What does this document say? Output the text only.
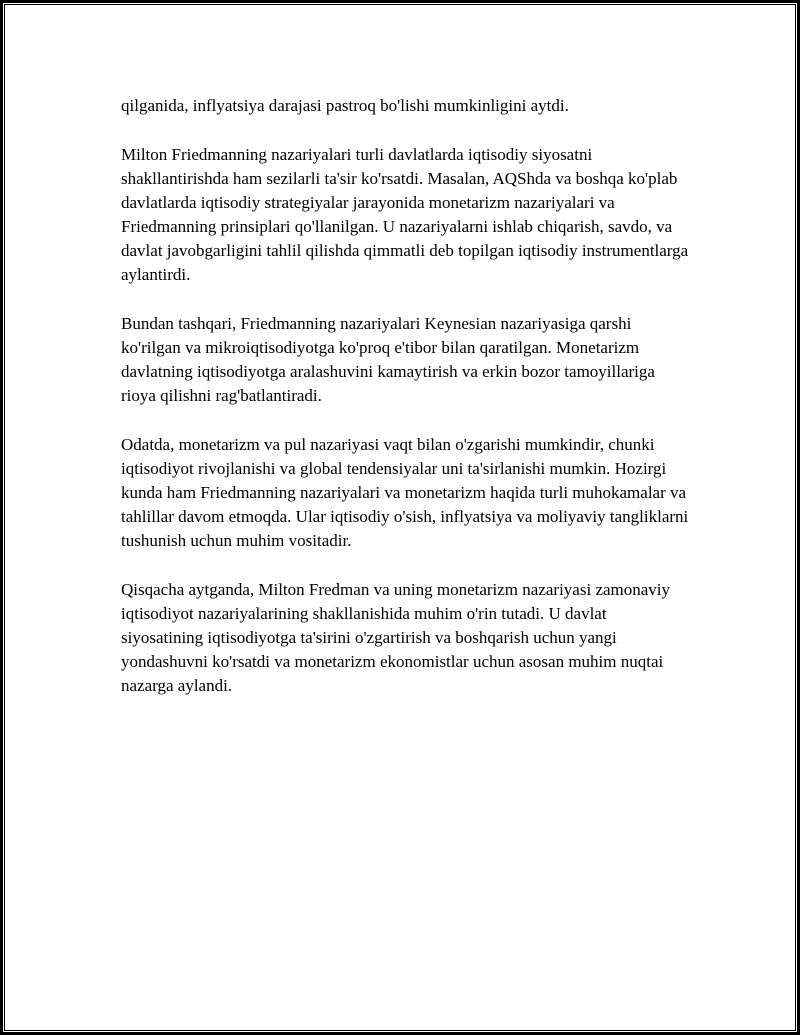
qilganida, inflyatsiya darajasi pastroq bo'lishi mumkinligini aytdi.

Milton Friedmanning nazariyalari turli davlatlarda iqtisodiy siyosatni shakllantirishda ham sezilarli ta'sir ko'rsatdi. Masalan, AQShda va boshqa ko'plab davlatlarda iqtisodiy strategiyalar jarayonida monetarizm nazariyalari va Friedmanning prinsiplari qo'llanilgan. U nazariyalarni ishlab chiqarish, savdo, va davlat javobgarligini tahlil qilishda qimmatli deb topilgan iqtisodiy instrumentlarga aylantirdi.

Bundan tashqari, Friedmanning nazariyalari Keynesian nazariyasiga qarshi ko'rilgan va mikroiqtisodiyotga ko'proq e'tibor bilan qaratilgan. Monetarizm davlatning iqtisodiyotga aralashuvini kamaytirish va erkin bozor tamoyillariga rioya qilishni rag'batlantiradi.

Odatda, monetarizm va pul nazariyasi vaqt bilan o'zgarishi mumkindir, chunki iqtisodiyot rivojlanishi va global tendensiyalar uni ta'sirlanishi mumkin. Hozirgi kunda ham Friedmanning nazariyalari va monetarizm haqida turli muhokamalar va tahlillar davom etmoqda. Ular iqtisodiy o'sish, inflyatsiya va moliyaviy tangliklarni tushunish uchun muhim vositadir.

Qisqacha aytganda, Milton Fredman va uning monetarizm nazariyasi zamonaviy iqtisodiyot nazariyalarining shakllanishida muhim o'rin tutadi. U davlat siyosatining iqtisodiyotga ta'sirini o'zgartirish va boshqarish uchun yangi yondashuvni ko'rsatdi va monetarizm ekonomistlar uchun asosan muhim nuqtai nazarga aylandi.
